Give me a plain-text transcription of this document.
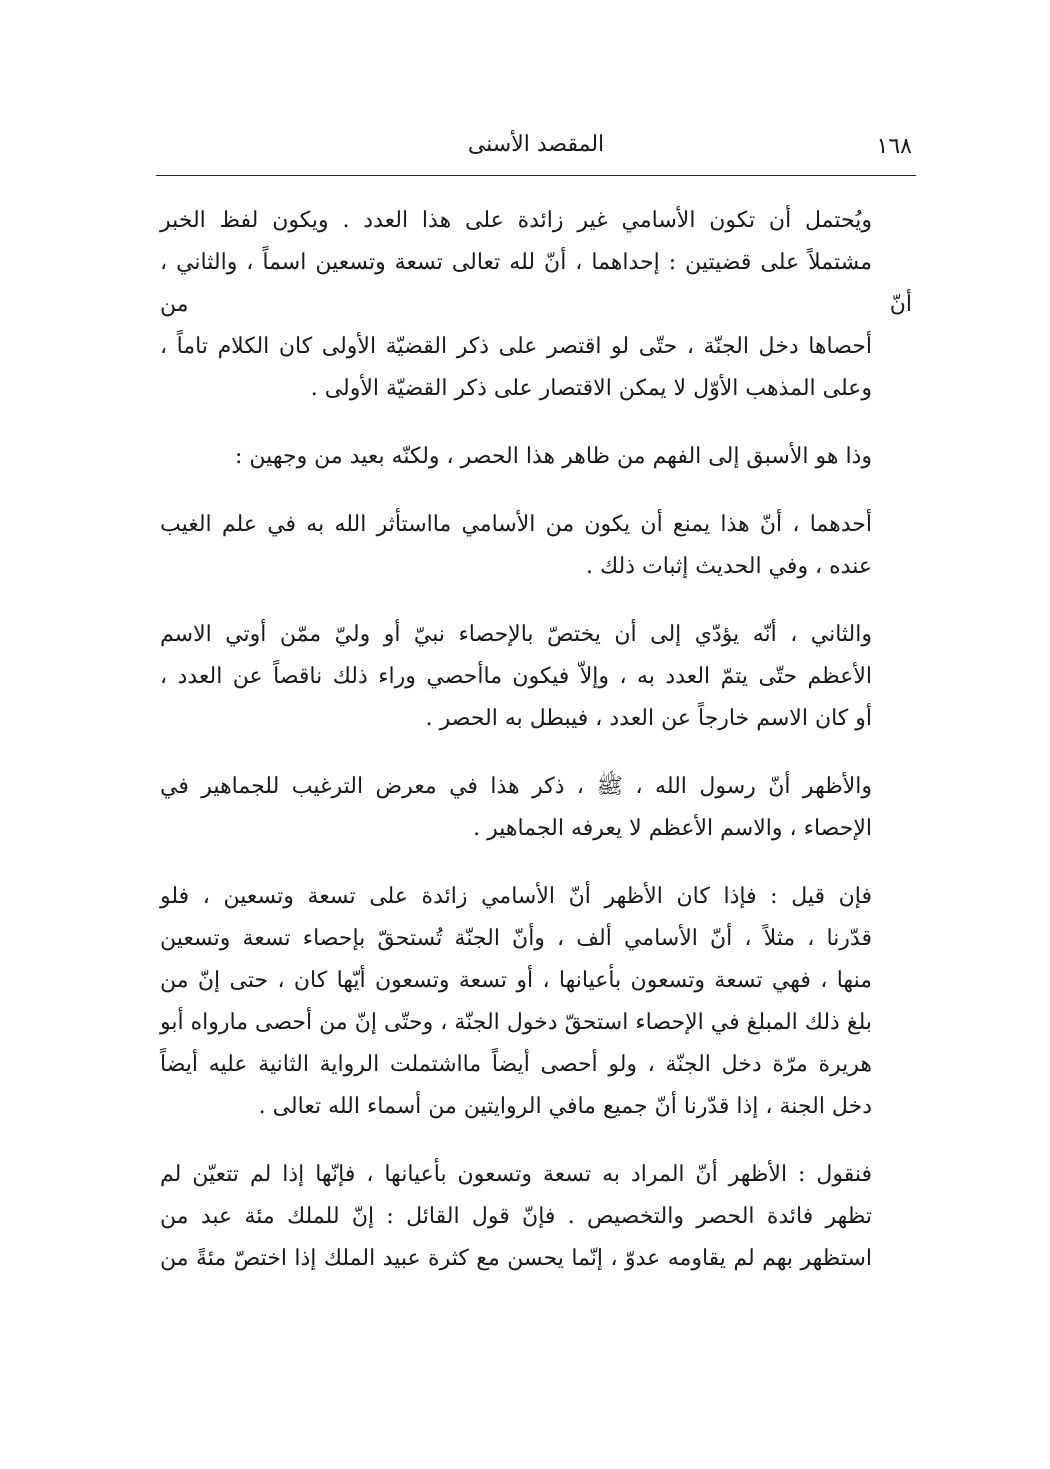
١٦٨
المقصد الأسنى

ويُحتمل أن تكون الأسامي غير زائدة على هذا العدد . ويكون لفظ الخبر
مشتملاً على قضيتين : إحداهما ، أنّ لله تعالى تسعة وتسعين اسماً ، والثاني ، أنّ من
أحصاها دخل الجنّة ، حتّى لو اقتصر على ذكر القضيّة الأولى كان الكلام تاماً ،
وعلى المذهب الأوّل لا يمكن الاقتصار على ذكر القضيّة الأولى .

وذا هو الأسبق إلى الفهم من ظاهر هذا الحصر ، ولكنّه بعيد من وجهين :

أحدهما ، أنّ هذا يمنع أن يكون من الأسامي مااستأثر الله به في علم الغيب
عنده ، وفي الحديث إثبات ذلك .

والثاني ، أنّه يؤدّي إلى أن يختصّ بالإحصاء نبيّ أو وليّ ممّن أوتي الاسم
الأعظم حتّى يتمّ العدد به ، وإلاّ فيكون ماأحصي وراء ذلك ناقصاً عن العدد ،
أو كان الاسم خارجاً عن العدد ، فيبطل به الحصر .

والأظهر أنّ رسول الله ، ﷺ ، ذكر هذا في معرض الترغيب للجماهير في
الإحصاء ، والاسم الأعظم لا يعرفه الجماهير .

فإن قيل : فإذا كان الأظهر أنّ الأسامي زائدة على تسعة وتسعين ، فلو
قدّرنا ، مثلاً ، أنّ الأسامي ألف ، وأنّ الجنّة تُستحقّ بإحصاء تسعة وتسعين
منها ، فهي تسعة وتسعون بأعيانها ، أو تسعة وتسعون أيّها كان ، حتى إنّ من
بلغ ذلك المبلغ في الإحصاء استحقّ دخول الجنّة ، وحتّى إنّ من أحصى مارواه أبو
هريرة مرّة دخل الجنّة ، ولو أحصى أيضاً مااشتملت الرواية الثانية عليه أيضاً
دخل الجنة ، إذا قدّرنا أنّ جميع مافي الروايتين من أسماء الله تعالى .

فنقول : الأظهر أنّ المراد به تسعة وتسعون بأعيانها ، فإنّها إذا لم تتعيّن لم
تظهر فائدة الحصر والتخصيص . فإنّ قول القائل : إنّ للملك مئة عبد من
استظهر بهم لم يقاومه عدوّ ، إنّما يحسن مع كثرة عبيد الملك إذا اختصّ مئةً من
